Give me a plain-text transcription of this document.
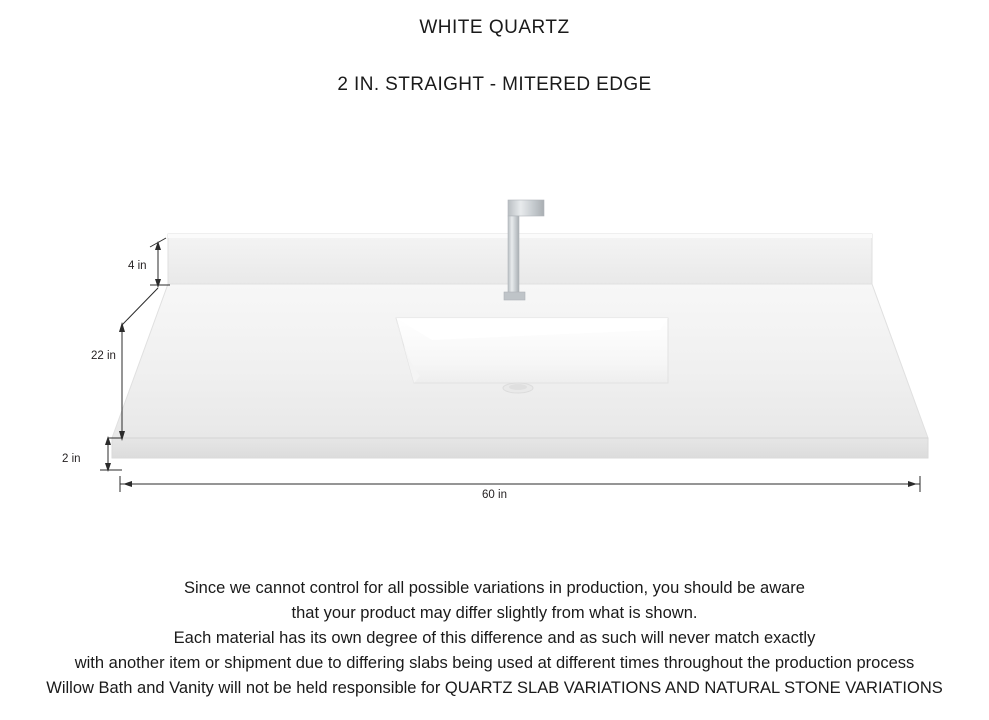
WHITE QUARTZ
2 IN. STRAIGHT - MITERED EDGE
4 in
22 in
2 in
60 in
Since we cannot control for all possible variations in production, you should be aware
that your product may differ slightly from what is shown.
Each material has its own degree of this difference and as such will never match exactly
with another item or shipment due to differing slabs being used at different times throughout the production process
Willow Bath and Vanity will not be held responsible for QUARTZ SLAB VARIATIONS AND NATURAL STONE VARIATIONS
